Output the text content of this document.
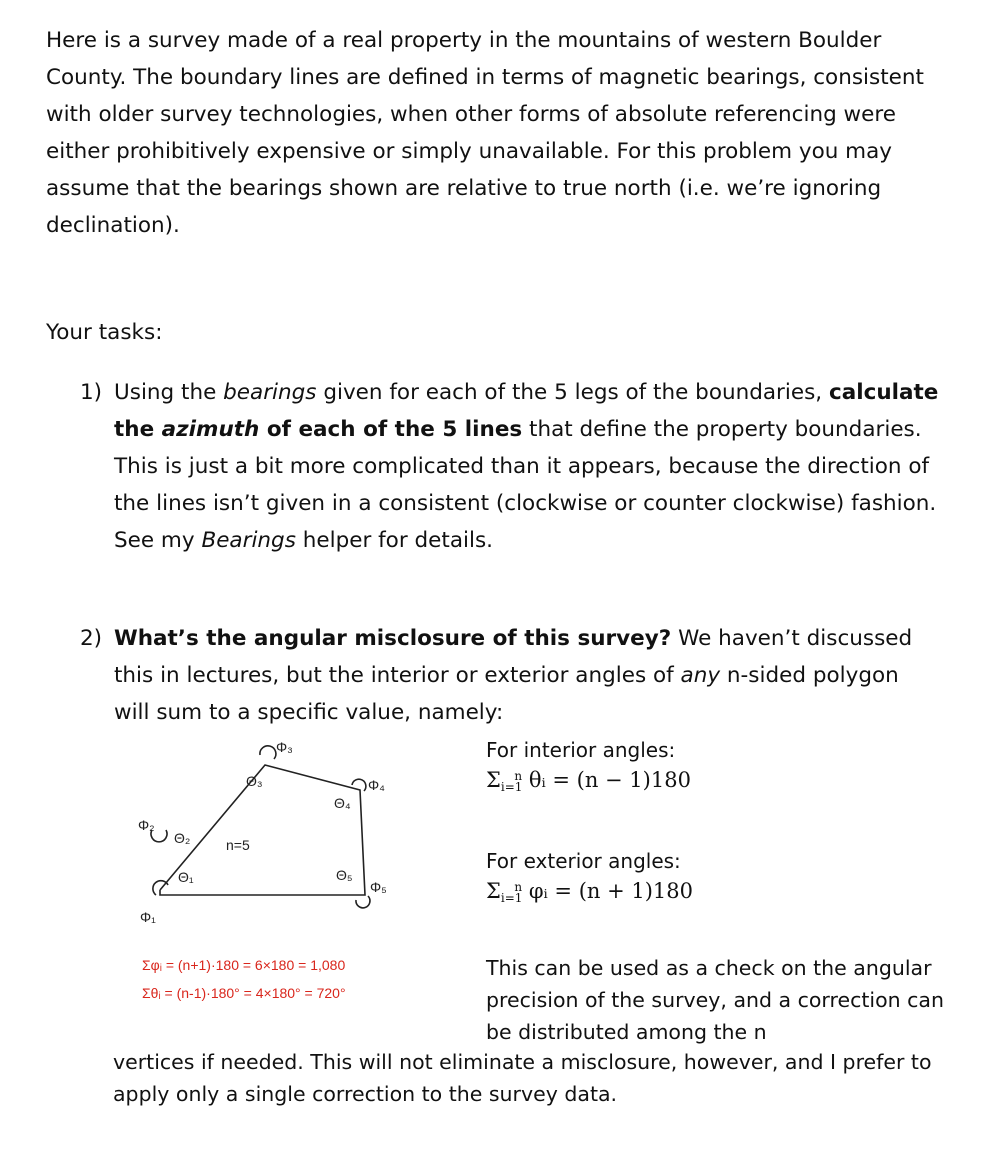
Here is a survey made of a real property in the mountains of western Boulder County. The boundary lines are defined in terms of magnetic bearings, consistent with older survey technologies, when other forms of absolute referencing were either prohibitively expensive or simply unavailable. For this problem you may assume that the bearings shown are relative to true north (i.e. we’re ignoring declination).

Your tasks:

1) Using the bearings given for each of the 5 legs of the boundaries, calculate the azimuth of each of the 5 lines that define the property boundaries. This is just a bit more complicated than it appears, because the direction of the lines isn’t given in a consistent (clockwise or counter clockwise) fashion. See my Bearings helper for details.
2) What’s the angular misclosure of this survey? We haven’t discussed this in lectures, but the interior or exterior angles of any n-sided polygon will sum to a specific value, namely:
For interior angles:
$\Sigma i=1^n$ θᵢ = (n − 1)180
For exterior angles:
$\Sigma i=1^n$ φᵢ = (n + 1)180
n=5
Φ₂
Θ₂
Φ₁
Θ₁
Φ₃
Θ₃	Φ₄
Θ₄
Φ₅
Θ₅
Σφᵢ = (n+1)·180 = 6×180 = 1,080
Σθᵢ = (n-1)·180° = 4×180° = 720°
This can be used as a check on the angular precision of the survey, and a correction can be distributed among the n
vertices if needed. This will not eliminate a misclosure, however, and I prefer to apply only a single correction to the survey data.
